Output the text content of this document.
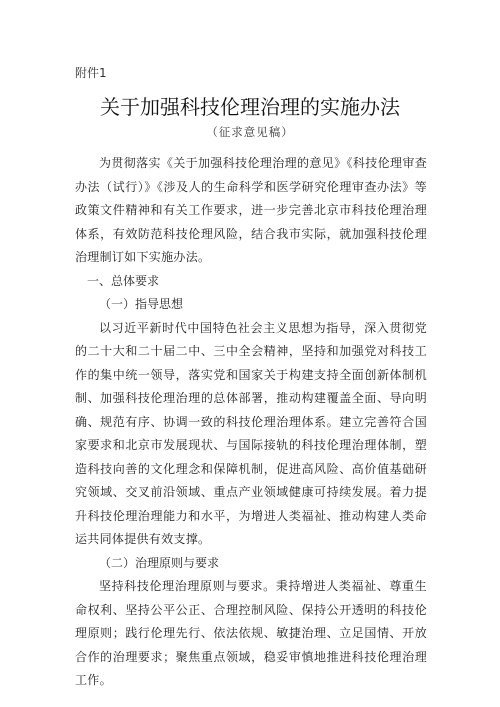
附件1
关于加强科技伦理治理的实施办法
（征求意见稿）

为贯彻落实《关于加强科技伦理治理的意见》《科技伦理审查办法（试行）》《涉及人的生命科学和医学研究伦理审查办法》等政策文件精神和有关工作要求，进一步完善北京市科技伦理治理体系，有效防范科技伦理风险，结合我市实际，就加强科技伦理治理制订如下实施办法。

一、总体要求

（一）指导思想

以习近平新时代中国特色社会主义思想为指导，深入贯彻党的二十大和二十届二中、三中全会精神，坚持和加强党对科技工作的集中统一领导，落实党和国家关于构建支持全面创新体制机制、加强科技伦理治理的总体部署，推动构建覆盖全面、导向明确、规范有序、协调一致的科技伦理治理体系。建立完善符合国家要求和北京市发展现状、与国际接轨的科技伦理治理体制，塑造科技向善的文化理念和保障机制，促进高风险、高价值基础研究领域、交叉前沿领域、重点产业领域健康可持续发展。着力提升科技伦理治理能力和水平，为增进人类福祉、推动构建人类命运共同体提供有效支撑。

（二）治理原则与要求

坚持科技伦理治理原则与要求。秉持增进人类福祉、尊重生命权利、坚持公平公正、合理控制风险、保持公开透明的科技伦理原则；践行伦理先行、依法依规、敏捷治理、立足国情、开放合作的治理要求；聚焦重点领域，稳妥审慎地推进科技伦理治理工作。
